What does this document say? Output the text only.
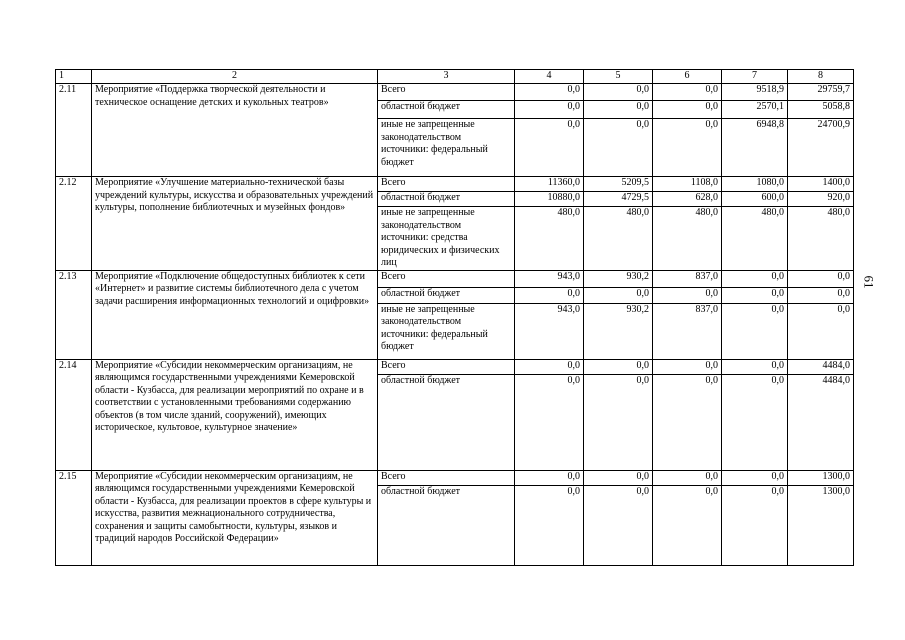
1	2	3	4	5	6	7	8
2.11	Мероприятие «Поддержка творческой деятельности и техническое оснащение детских и кукольных театров»	Всего	0,0	0,0	0,0	9518,9	29759,7
		областной бюджет	0,0	0,0	0,0	2570,1	5058,8
		иные не запрещенные законодательством источники: федеральный бюджет	0,0	0,0	0,0	6948,8	24700,9
2.12	Мероприятие «Улучшение материально-технической базы учреждений культуры, искусства и образовательных учреждений культуры, пополнение библиотечных и музейных фондов»	Всего	11360,0	5209,5	1108,0	1080,0	1400,0
		областной бюджет	10880,0	4729,5	628,0	600,0	920,0
		иные не запрещенные законодательством источники: средства юридических и физических лиц	480,0	480,0	480,0	480,0	480,0
2.13	Мероприятие «Подключение общедоступных библиотек к сети «Интернет» и развитие системы библиотечного дела с учетом задачи расширения информационных технологий и оцифровки»	Всего	943,0	930,2	837,0	0,0	0,0
		областной бюджет	0,0	0,0	0,0	0,0	0,0
		иные не запрещенные законодательством источники: федеральный бюджет	943,0	930,2	837,0	0,0	0,0
2.14	Мероприятие «Субсидии некоммерческим организациям, не являющимся государственными учреждениями Кемеровской области - Кузбасса, для реализации мероприятий по охране и в соответствии с установленными требованиями содержанию объектов (в том числе зданий, сооружений), имеющих историческое, культовое, культурное значение»	Всего	0,0	0,0	0,0	0,0	4484,0
		областной бюджет	0,0	0,0	0,0	0,0	4484,0
2.15	Мероприятие «Субсидии некоммерческим организациям, не являющимся государственными учреждениями Кемеровской области - Кузбасса, для реализации проектов в сфере культуры и искусства, развития межнационального сотрудничества, сохранения и защиты самобытности, культуры, языков и традиций народов Российской Федерации»	Всего	0,0	0,0	0,0	0,0	1300,0
		областной бюджет	0,0	0,0	0,0	0,0	1300,0
61
